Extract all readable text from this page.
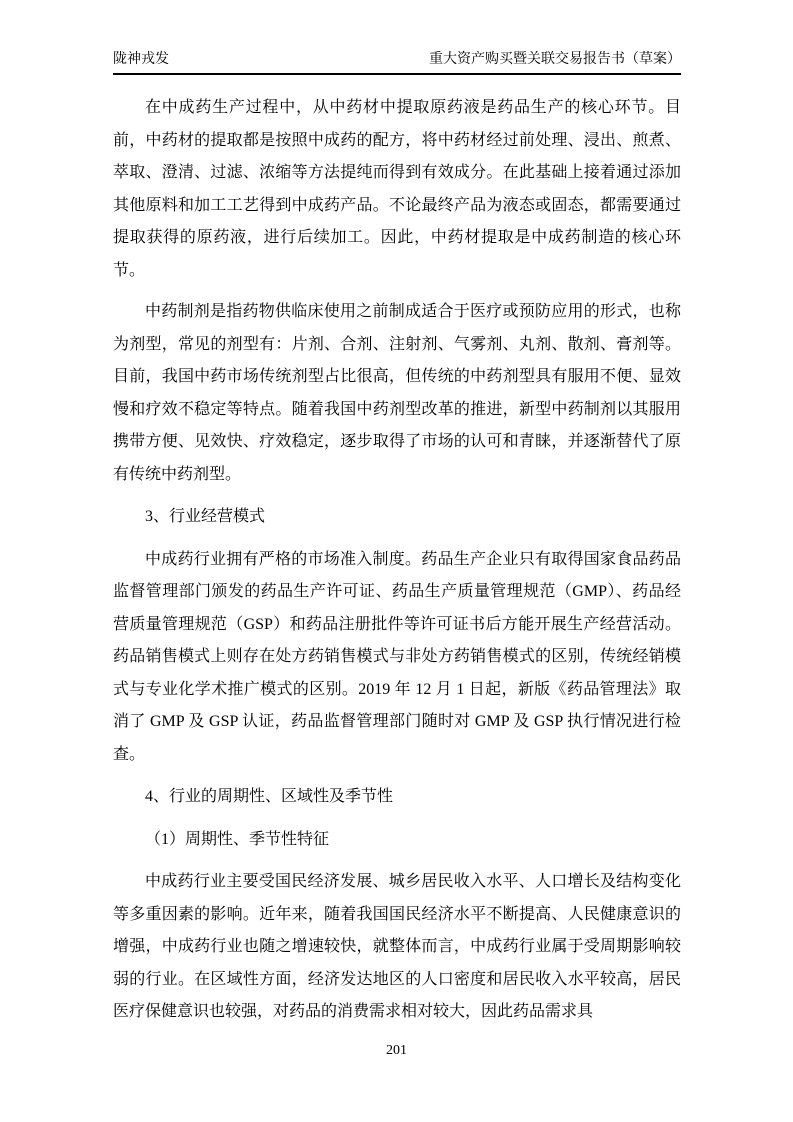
陇神戎发	重大资产购买暨关联交易报告书（草案）

在中成药生产过程中，从中药材中提取原药液是药品生产的核心环节。目前，中药材的提取都是按照中成药的配方，将中药材经过前处理、浸出、煎煮、萃取、澄清、过滤、浓缩等方法提纯而得到有效成分。在此基础上接着通过添加其他原料和加工工艺得到中成药产品。不论最终产品为液态或固态，都需要通过提取获得的原药液，进行后续加工。因此，中药材提取是中成药制造的核心环节。

中药制剂是指药物供临床使用之前制成适合于医疗或预防应用的形式，也称为剂型，常见的剂型有：片剂、合剂、注射剂、气雾剂、丸剂、散剂、膏剂等。目前，我国中药市场传统剂型占比很高，但传统的中药剂型具有服用不便、显效慢和疗效不稳定等特点。随着我国中药剂型改革的推进，新型中药制剂以其服用携带方便、见效快、疗效稳定，逐步取得了市场的认可和青睐，并逐渐替代了原有传统中药剂型。

3、行业经营模式

中成药行业拥有严格的市场准入制度。药品生产企业只有取得国家食品药品监督管理部门颁发的药品生产许可证、药品生产质量管理规范（GMP）、药品经营质量管理规范（GSP）和药品注册批件等许可证书后方能开展生产经营活动。药品销售模式上则存在处方药销售模式与非处方药销售模式的区别，传统经销模式与专业化学术推广模式的区别。2019 年 12 月 1 日起，新版《药品管理法》取消了 GMP 及 GSP 认证，药品监督管理部门随时对 GMP 及 GSP 执行情况进行检查。

4、行业的周期性、区域性及季节性
（1）周期性、季节性特征

中成药行业主要受国民经济发展、城乡居民收入水平、人口增长及结构变化等多重因素的影响。近年来，随着我国国民经济水平不断提高、人民健康意识的增强，中成药行业也随之增速较快，就整体而言，中成药行业属于受周期影响较弱的行业。在区域性方面，经济发达地区的人口密度和居民收入水平较高，居民医疗保健意识也较强，对药品的消费需求相对较大，因此药品需求具

201
